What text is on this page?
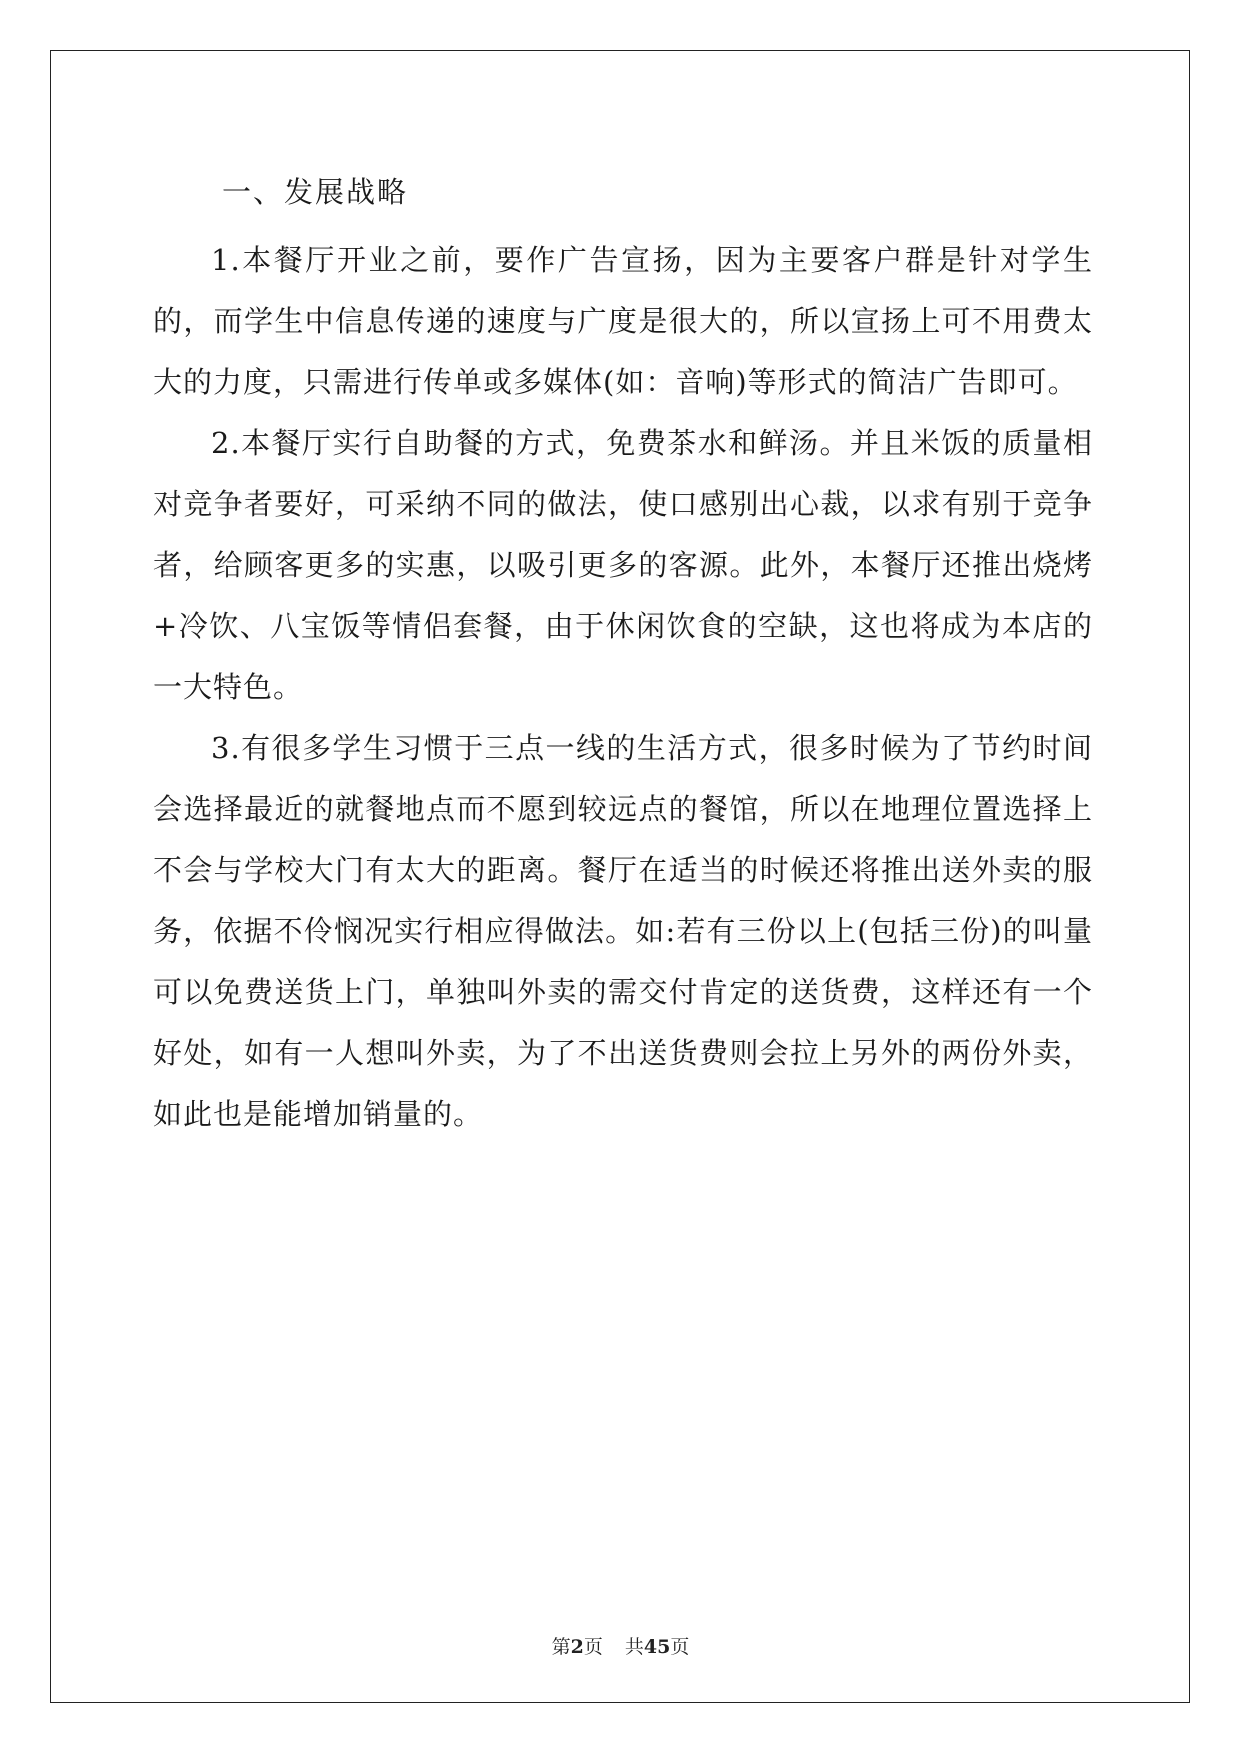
一、发展战略

1.本餐厅开业之前，要作广告宣扬，因为主要客户群是针对学生的，而学生中信息传递的速度与广度是很大的，所以宣扬上可不用费太大的力度，只需进行传单或多媒体(如：音响)等形式的简洁广告即可。

2.本餐厅实行自助餐的方式，免费茶水和鲜汤。并且米饭的质量相对竞争者要好，可采纳不同的做法，使口感别出心裁，以求有别于竞争者，给顾客更多的实惠，以吸引更多的客源。此外，本餐厅还推出烧烤+冷饮、八宝饭等情侣套餐，由于休闲饮食的空缺，这也将成为本店的一大特色。

3.有很多学生习惯于三点一线的生活方式，很多时候为了节约时间会选择最近的就餐地点而不愿到较远点的餐馆，所以在地理位置选择上不会与学校大门有太大的距离。餐厅在适当的时候还将推出送外卖的服务，依据不伶悯况实行相应得做法。如:若有三份以上(包括三份)的叫量可以免费送货上门，单独叫外卖的需交付肯定的送货费，这样还有一个好处，如有一人想叫外卖，为了不出送货费则会拉上另外的两份外卖，如此也是能增加销量的。

第2页 共45页
